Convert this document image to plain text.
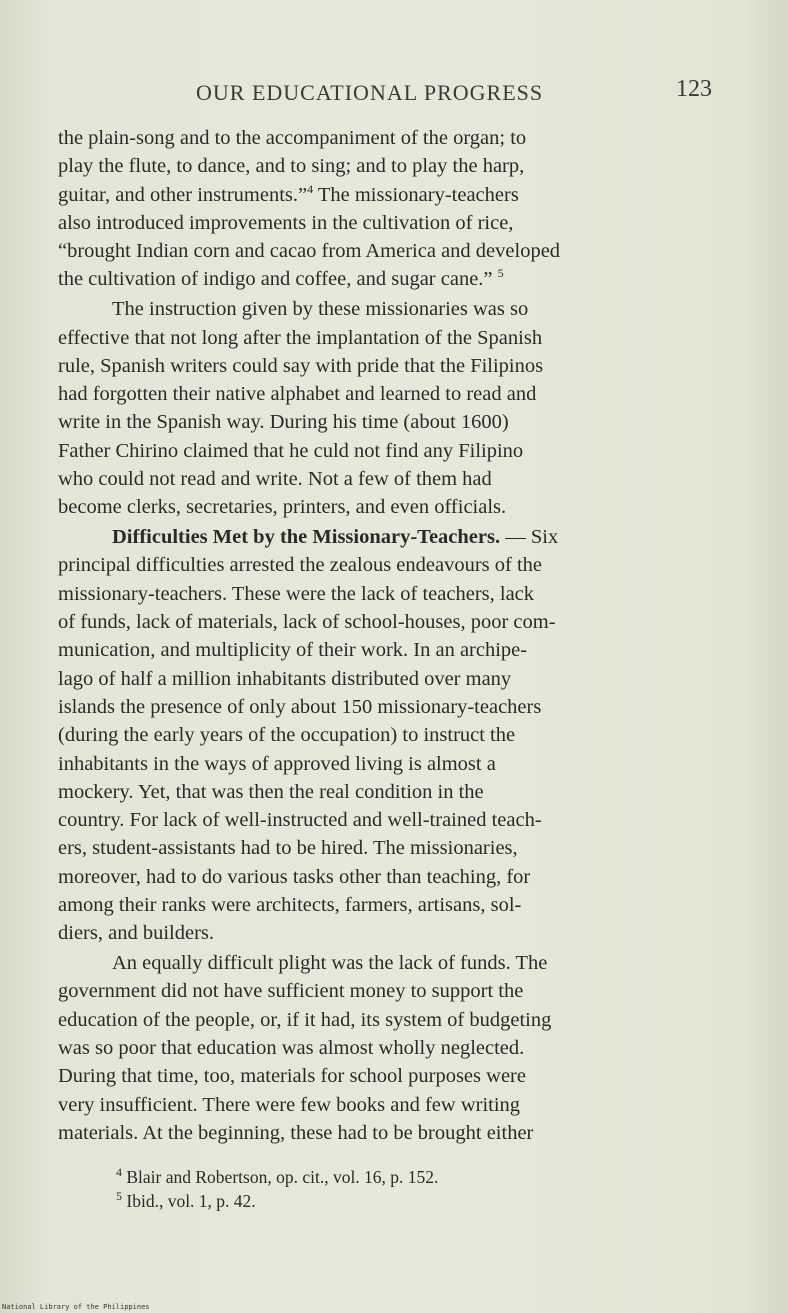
OUR EDUCATIONAL PROGRESS	123
the plain-song and to the accompaniment of the organ; to
play the flute, to dance, and to sing; and to play the harp,
guitar, and other instruments.”$^4$ The missionary-teachers
also introduced improvements in the cultivation of rice,
“brought Indian corn and cacao from America and developed
the cultivation of indigo and coffee, and sugar cane.” $^5$
The instruction given by these missionaries was so
effective that not long after the implantation of the Spanish
rule, Spanish writers could say with pride that the Filipinos
had forgotten their native alphabet and learned to read and
write in the Spanish way. During his time (about 1600)
Father Chirino claimed that he culd not find any Filipino
who could not read and write. Not a few of them had
become clerks, secretaries, printers, and even officials.
Difficulties Met by the Missionary-Teachers. — Six
principal difficulties arrested the zealous endeavours of the
missionary-teachers. These were the lack of teachers, lack
of funds, lack of materials, lack of school-houses, poor com-
munication, and multiplicity of their work. In an archipe-
lago of half a million inhabitants distributed over many
islands the presence of only about 150 missionary-teachers
(during the early years of the occupation) to instruct the
inhabitants in the ways of approved living is almost a
mockery. Yet, that was then the real condition in the
country. For lack of well-instructed and well-trained teach-
ers, student-assistants had to be hired. The missionaries,
moreover, had to do various tasks other than teaching, for
among their ranks were architects, farmers, artisans, sol-
diers, and builders.
An equally difficult plight was the lack of funds. The
government did not have sufficient money to support the
education of the people, or, if it had, its system of budgeting
was so poor that education was almost wholly neglected.
During that time, too, materials for school purposes were
very insufficient. There were few books and few writing
materials. At the beginning, these had to be brought either
$^4$ Blair and Robertson, op. cit., vol. 16, p. 152.
$^5$ Ibid., vol. 1, p. 42.
National Library of the Philippines
